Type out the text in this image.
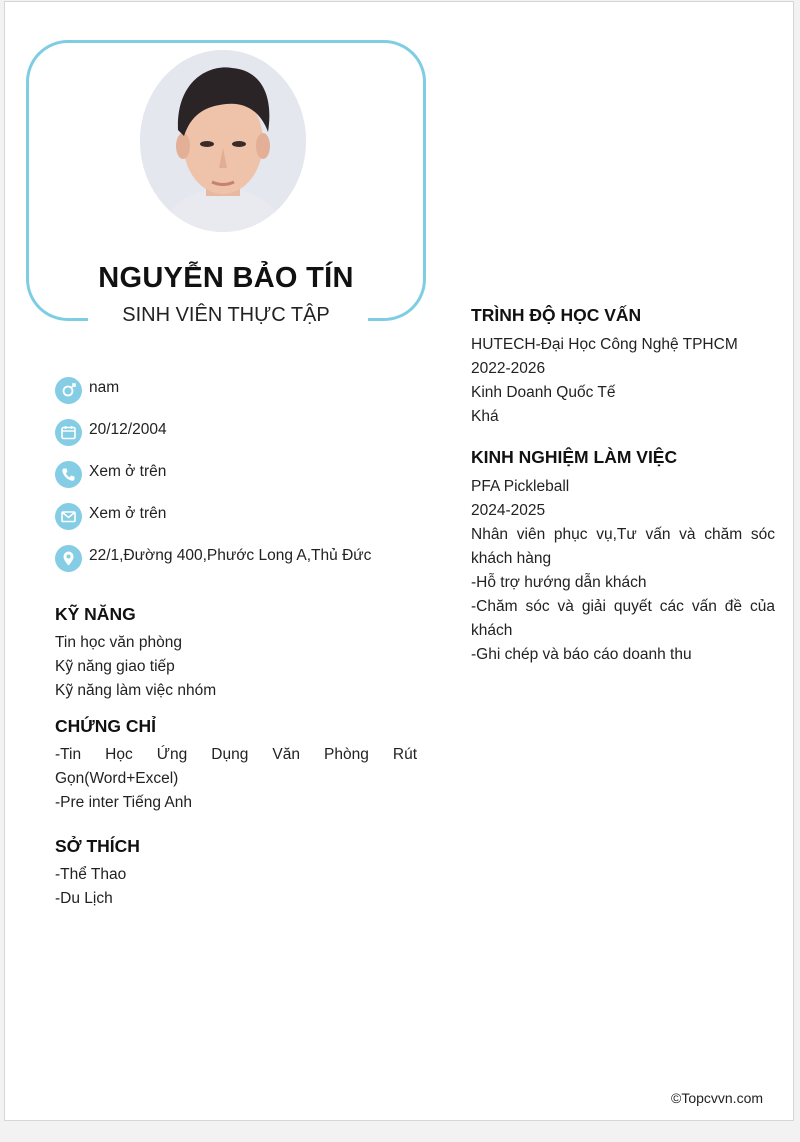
NGUYỄN BẢO TÍN
SINH VIÊN THỰC TẬP
nam
20/12/2004
Xem ở trên
Xem ở trên
22/1,Đường 400,Phước Long A,Thủ Đức
KỸ NĂNG
Tin học văn phòng
Kỹ năng giao tiếp
Kỹ năng làm việc nhóm
CHỨNG CHỈ
-Tin Học Ứng Dụng Văn Phòng Rút Gọn(Word+Excel)
-Pre inter Tiếng Anh
SỞ THÍCH
-Thể Thao
-Du Lịch
TRÌNH ĐỘ HỌC VẤN
HUTECH-Đại Học Công Nghệ TPHCM
2022-2026
Kinh Doanh Quốc Tế
Khá
KINH NGHIỆM LÀM VIỆC
PFA Pickleball
2024-2025
Nhân viên phục vụ,Tư vấn và chăm sóc khách hàng
-Hỗ trợ hướng dẫn khách
-Chăm sóc và giải quyết các vấn đề của khách
-Ghi chép và báo cáo doanh thu
©Topcvvn.com
